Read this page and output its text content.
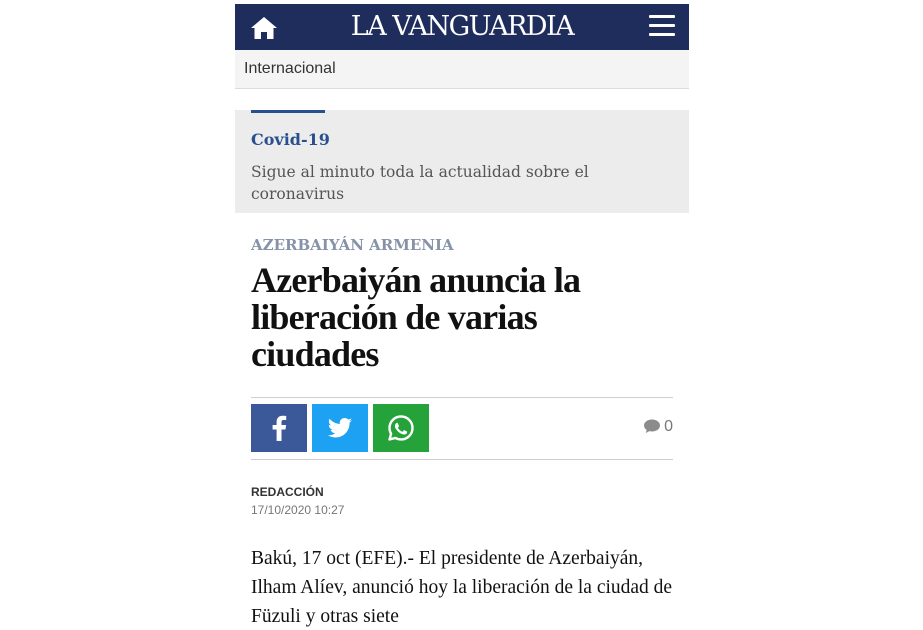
LA VANGUARDIA
Internacional
Covid-19
Sigue al minuto toda la actualidad sobre el coronavirus
AZERBAIYÁN ARMENIA
Azerbaiyán anuncia la liberación de varias ciudades
0
REDACCIÓN
17/10/2020 10:27
Bakú, 17 oct (EFE).- El presidente de Azerbaiyán, Ilham Alíev, anunció hoy la liberación de la ciudad de Füzuli y otras siete
